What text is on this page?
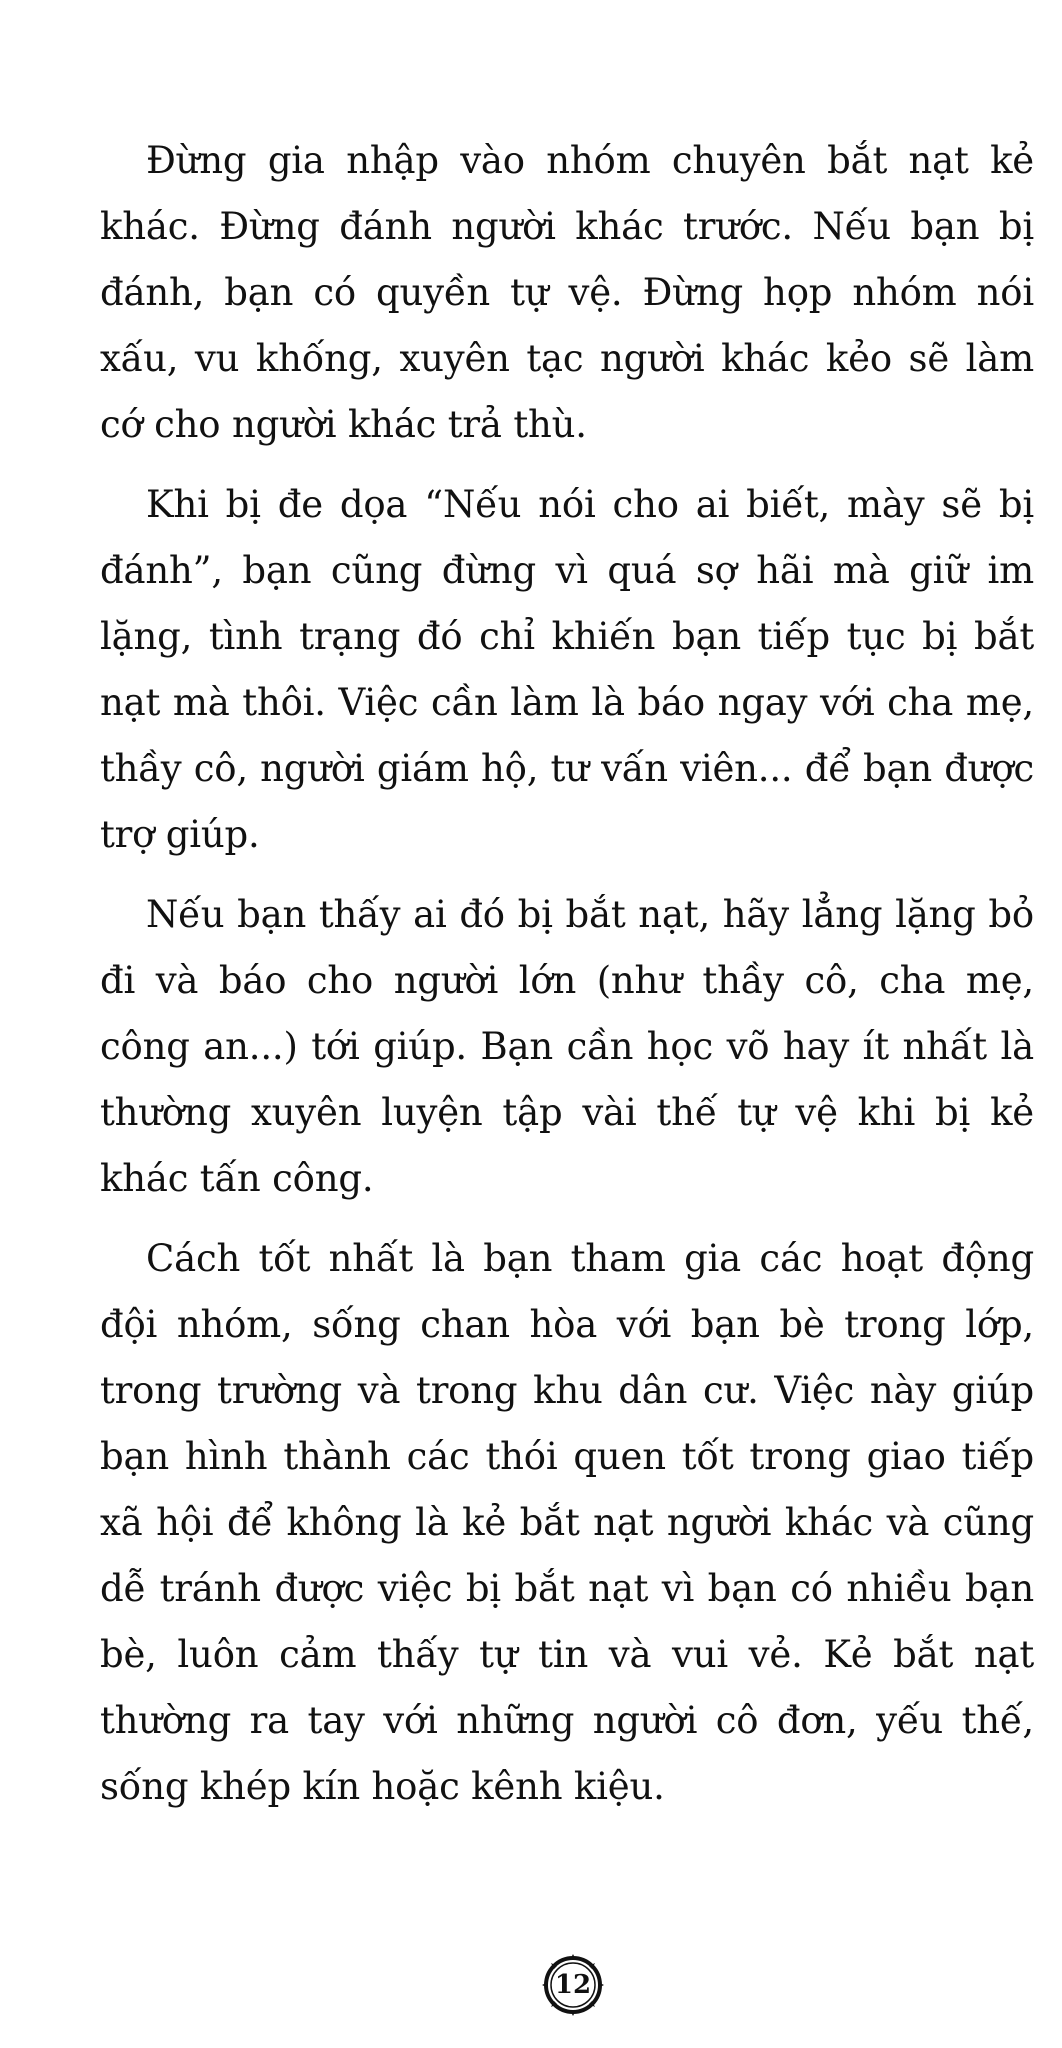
Đừng gia nhập vào nhóm chuyên bắt nạt kẻ khác. Đừng đánh người khác trước. Nếu bạn bị đánh, bạn có quyền tự vệ. Đừng họp nhóm nói xấu, vu khống, xuyên tạc người khác kẻo sẽ làm cớ cho người khác trả thù.

Khi bị đe dọa “Nếu nói cho ai biết, mày sẽ bị đánh”, bạn cũng đừng vì quá sợ hãi mà giữ im lặng, tình trạng đó chỉ khiến bạn tiếp tục bị bắt nạt mà thôi. Việc cần làm là báo ngay với cha mẹ, thầy cô, người giám hộ, tư vấn viên... để bạn được trợ giúp.

Nếu bạn thấy ai đó bị bắt nạt, hãy lẳng lặng bỏ đi và báo cho người lớn (như thầy cô, cha mẹ, công an...) tới giúp. Bạn cần học võ hay ít nhất là thường xuyên luyện tập vài thế tự vệ khi bị kẻ khác tấn công.

Cách tốt nhất là bạn tham gia các hoạt động đội nhóm, sống chan hòa với bạn bè trong lớp, trong trường và trong khu dân cư. Việc này giúp bạn hình thành các thói quen tốt trong giao tiếp xã hội để không là kẻ bắt nạt người khác và cũng dễ tránh được việc bị bắt nạt vì bạn có nhiều bạn bè, luôn cảm thấy tự tin và vui vẻ. Kẻ bắt nạt thường ra tay với những người cô đơn, yếu thế, sống khép kín hoặc kênh kiệu.

12
